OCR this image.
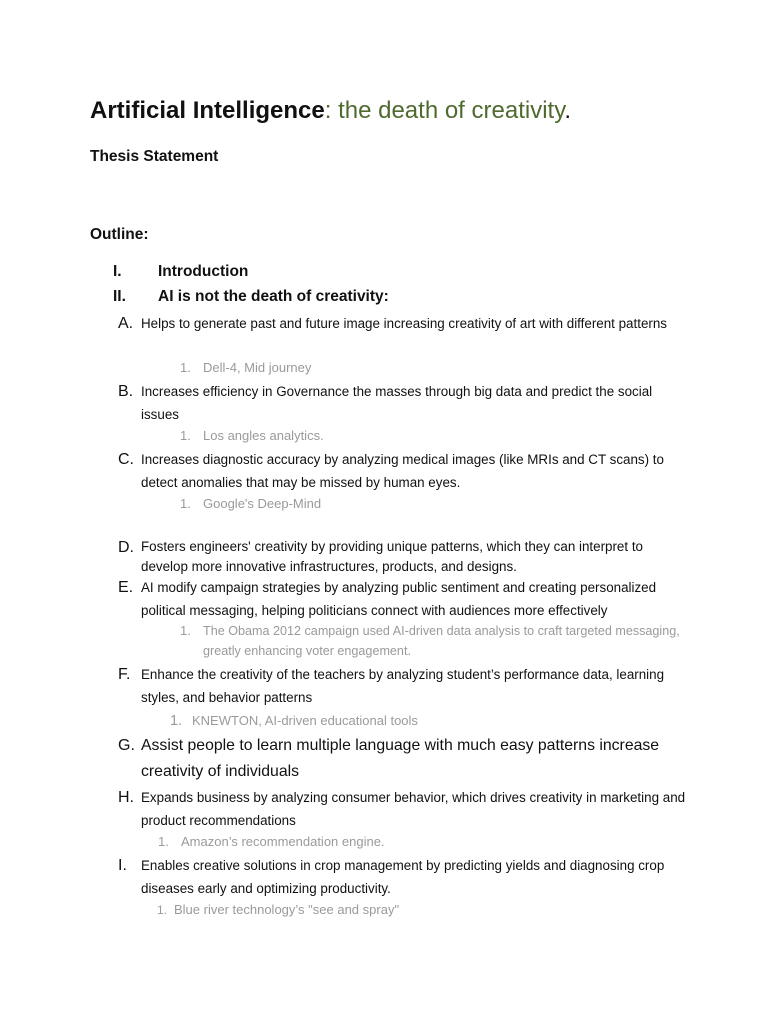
Artificial Intelligence: the death of creativity.
Thesis Statement
Outline:
I. Introduction
II. AI is not the death of creativity:
A. Helps to generate past and future image increasing creativity of art with different patterns
1. Dell-4, Mid journey
B. Increases efficiency in Governance the masses through big data and predict the social issues
1. Los angles analytics.
C. Increases diagnostic accuracy by analyzing medical images (like MRIs and CT scans) to detect anomalies that may be missed by human eyes.
1. Google's Deep-Mind
D. Fosters engineers' creativity by providing unique patterns, which they can interpret to develop more innovative infrastructures, products, and designs.
E. AI modify campaign strategies by analyzing public sentiment and creating personalized political messaging, helping politicians connect with audiences more effectively
1. The Obama 2012 campaign used AI-driven data analysis to craft targeted messaging, greatly enhancing voter engagement.
F. Enhance the creativity of the teachers by analyzing student’s performance data, learning styles, and behavior patterns
1. KNEWTON, AI-driven educational tools
G. Assist people to learn multiple language with much easy patterns increase creativity of individuals
H. Expands business by analyzing consumer behavior, which drives creativity in marketing and product recommendations
1. Amazon’s recommendation engine.
I. Enables creative solutions in crop management by predicting yields and diagnosing crop diseases early and optimizing productivity.
1. Blue river technology’s "see and spray"
